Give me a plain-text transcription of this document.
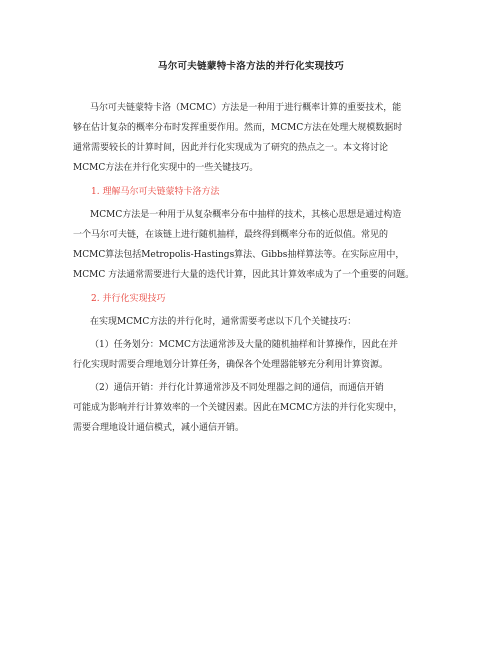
马尔可夫链蒙特卡洛方法的并行化实现技巧
马尔可夫链蒙特卡洛（MCMC）方法是一种用于进行概率计算的重要技术，能
够在估计复杂的概率分布时发挥重要作用。然而，MCMC方法在处理大规模数据时
通常需要较长的计算时间，因此并行化实现成为了研究的热点之一。本文将讨论
MCMC方法在并行化实现中的一些关键技巧。
1. 理解马尔可夫链蒙特卡洛方法
MCMC方法是一种用于从复杂概率分布中抽样的技术，其核心思想是通过构造
一个马尔可夫链，在该链上进行随机抽样，最终得到概率分布的近似值。常见的
MCMC算法包括Metropolis-Hastings算法、Gibbs抽样算法等。在实际应用中，
MCMC 方法通常需要进行大量的迭代计算，因此其计算效率成为了一个重要的问题。
2. 并行化实现技巧
在实现MCMC方法的并行化时，通常需要考虑以下几个关键技巧：
（1）任务划分：MCMC方法通常涉及大量的随机抽样和计算操作，因此在并
行化实现时需要合理地划分计算任务，确保各个处理器能够充分利用计算资源。
（2）通信开销：并行化计算通常涉及不同处理器之间的通信，而通信开销
可能成为影响并行计算效率的一个关键因素。因此在MCMC方法的并行化实现中，
需要合理地设计通信模式，减小通信开销。
